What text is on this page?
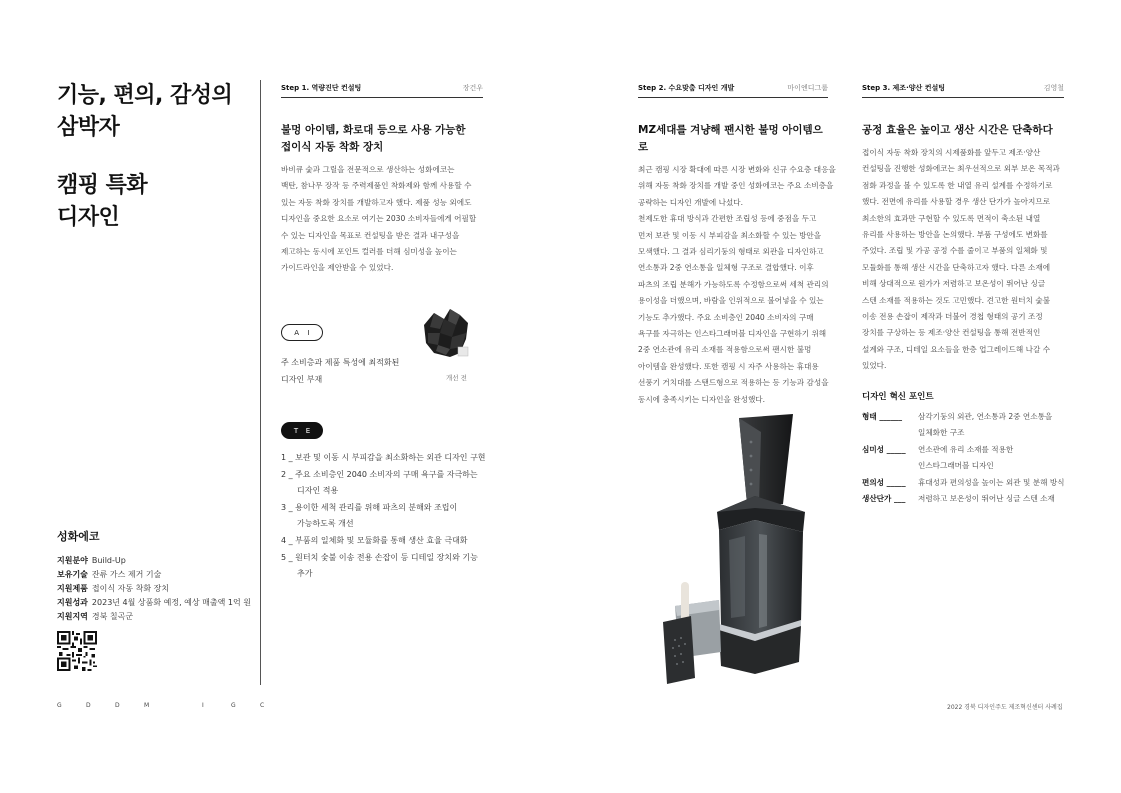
기능, 편의, 감성의
삼박자
캠핑 특화
디자인
성화에코
지원분야 Build-Up
보유기술 잔류 가스 제거 기술
지원제품 접이식 자동 착화 장치
지원성과 2023년 4월 상품화 예정, 예상 매출액 1억 원
지원지역 경북 칠곡군
Step 1. 역량진단 컨설팅	장건우
불멍 아이템, 화로대 등으로 사용 가능한
접이식 자동 착화 장치

바비큐 숯과 그릴을 전문적으로 생산하는 성화에코는

백탄, 참나무 장작 등 주력제품인 착화제와 함께 사용할 수

있는 자동 착화 장치를 개발하고자 했다. 제품 성능 외에도

디자인을 중요한 요소로 여기는 2030 소비자들에게 어필할

수 있는 디자인을 목표로 컨설팅을 받은 결과 내구성을

제고하는 동시에 포인트 컬러를 더해 심미성을 높이는

가이드라인을 제안받을 수 있었다.

A I
주 소비층과 제품 특성에 최적화된
디자인 부재	개선 전
T E

1 _ 보관 및 이동 시 부피감을 최소화하는 외관 디자인 구현

2 _ 주요 소비층인 2040 소비자의 구매 욕구를 자극하는

디자인 적용

3 _ 용이한 세척 관리를 위해 파츠의 분해와 조립이

가능하도록 개선

4 _ 부품의 일체화 및 모듈화를 통해 생산 효율 극대화

5 _ 원터치 숯불 이송 전용 손잡이 등 디테일 장치와 기능

추가

Step 2. 수요맞춤 디자인 개발	마이엔디그룹
MZ세대를 겨냥해 팬시한 불멍 아이템으로

최근 캠핑 시장 확대에 따른 시장 변화와 신규 수요층 대응을

위해 자동 착화 장치를 개발 중인 성화에코는 주요 소비층을

공략하는 디자인 개발에 나섰다.

천제도한 휴대 방식과 간편한 조립성 등에 중점을 두고

먼저 보관 및 이동 시 부피감을 최소화할 수 있는 방안을

모색했다. 그 결과 심리기둥의 형태로 외관을 디자인하고

연소통과 2중 연소통을 일체형 구조로 결합했다. 이후

파츠의 조립 분해가 가능하도록 수정함으로써 세척 관리의

용이성을 더했으며, 바람을 인위적으로 불어넣을 수 있는

기능도 추가했다. 주요 소비층인 2040 소비자의 구매

욕구를 자극하는 인스타그래머블 디자인을 구현하기 위해

2중 연소관에 유리 소재를 적용함으로써 팬시한 불멍

아이템을 완성했다. 또한 캠핑 시 자주 사용하는 휴대용

선풍기 거치대를 스탠드형으로 적용하는 등 기능과 감성을

동시에 충족시키는 디자인을 완성했다.

Step 3. 제조·양산 컨설팅	김영철
공정 효율은 높이고 생산 시간은 단축하다

접이식 자동 착화 장치의 시제품화를 앞두고 제조·양산

컨설팅을 진행한 성화에코는 최우선적으로 외부 보온 목적과

점화 과정을 볼 수 있도록 한 내열 유리 설계를 수정하기로

했다. 전면에 유리를 사용할 경우 생산 단가가 높아지므로

최소한의 효과만 구현할 수 있도록 면적이 축소된 내열

유리를 사용하는 방안을 논의했다. 부품 구성에도 변화를

주었다. 조립 및 가공 공정 수를 줄이고 부품의 일체화 및

모듈화를 통해 생산 시간을 단축하고자 했다. 다른 소재에

비해 상대적으로 원가가 저렴하고 보온성이 뛰어난 싱글

스텐 소재를 적용하는 것도 고민했다. 견고한 원터치 숯불

이송 전용 손잡이 제작과 더불어 경첩 형태의 공기 조정

장치를 구상하는 등 제조·양산 컨설팅을 통해 전반적인

설계와 구조, 디테일 요소들을 한층 업그레이드해 나갈 수

있었다.

디자인 혁신 포인트
형태 ______	삼각기둥의 외관, 연소통과 2중 연소통을
일체화한 구조
심미성 _____	연소관에 유리 소재를 적용한
인스타그래머블 디자인
편의성 _____	휴대성과 편의성을 높이는 외관 및 분해 방식
생산단가 ___	저렴하고 보온성이 뛰어난 싱글 스텐 소재
G	D	D	M	I	G	C	2022 경북 디자인주도 제조혁신센터 사례집
